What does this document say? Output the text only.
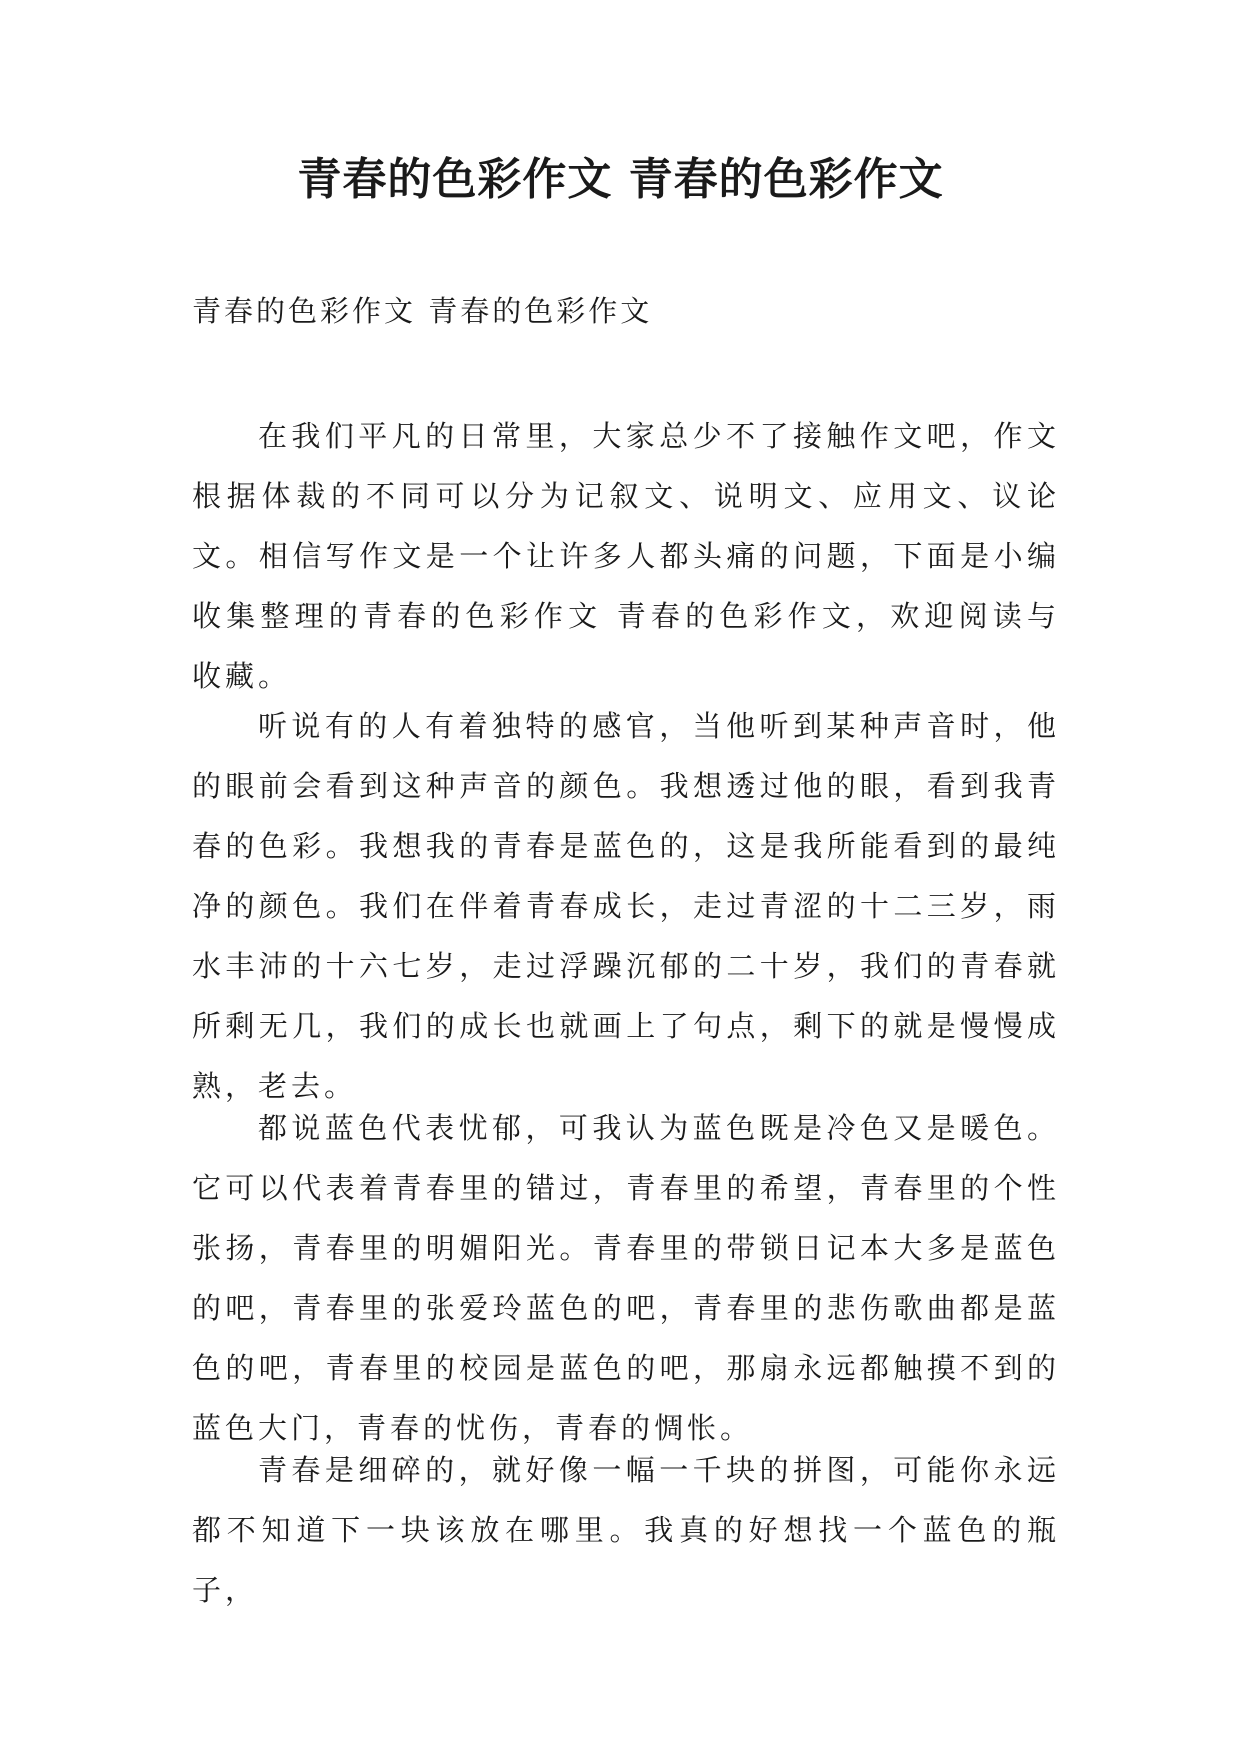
青春的色彩作文 青春的色彩作文

青春的色彩作文 青春的色彩作文

在我们平凡的日常里，大家总少不了接触作文吧，作文根据体裁的不同可以分为记叙文、说明文、应用文、议论文。相信写作文是一个让许多人都头痛的问题，下面是小编收集整理的青春的色彩作文 青春的色彩作文，欢迎阅读与收藏。

听说有的人有着独特的感官，当他听到某种声音时，他的眼前会看到这种声音的颜色。我想透过他的眼，看到我青春的色彩。我想我的青春是蓝色的，这是我所能看到的最纯净的颜色。我们在伴着青春成长，走过青涩的十二三岁，雨水丰沛的十六七岁，走过浮躁沉郁的二十岁，我们的青春就所剩无几，我们的成长也就画上了句点，剩下的就是慢慢成熟，老去。

都说蓝色代表忧郁，可我认为蓝色既是冷色又是暖色。它可以代表着青春里的错过，青春里的希望，青春里的个性张扬，青春里的明媚阳光。青春里的带锁日记本大多是蓝色的吧，青春里的张爱玲蓝色的吧，青春里的悲伤歌曲都是蓝色的吧，青春里的校园是蓝色的吧，那扇永远都触摸不到的蓝色大门，青春的忧伤，青春的惆怅。

青春是细碎的，就好像一幅一千块的拼图，可能你永远都不知道下一块该放在哪里。我真的好想找一个蓝色的瓶子，
